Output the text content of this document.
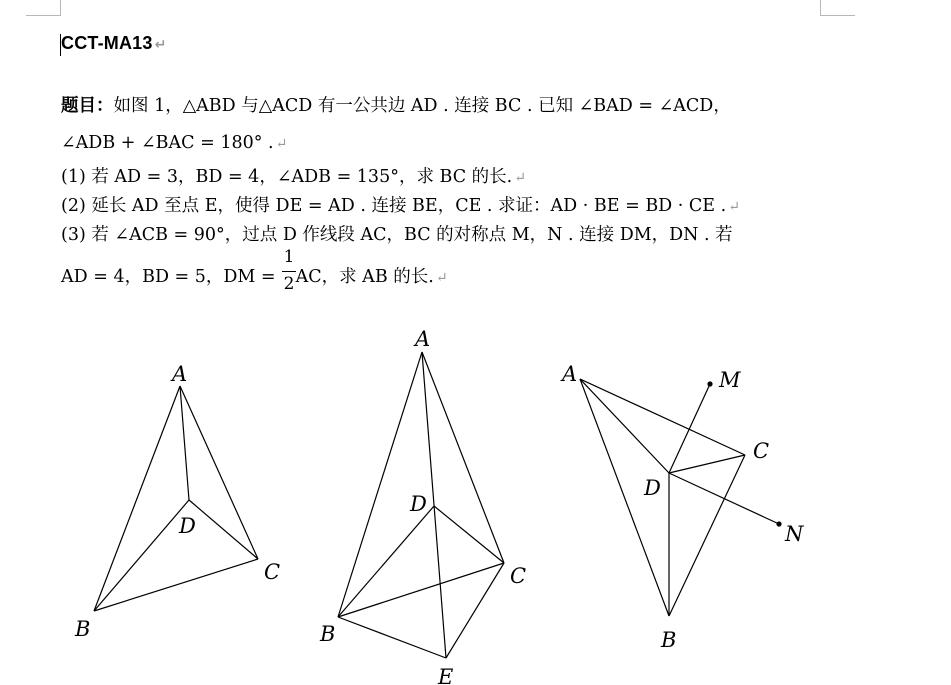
CCT-MA13 ↵
题目：如图 1，△ABD 与△ACD 有一公共边 AD . 连接 BC . 已知 ∠BAD = ∠ACD，
∠ADB + ∠BAC = 180° . ↵
(1) 若 AD = 3，BD = 4，∠ADB = 135°，求 BC 的长. ↵
(2) 延长 AD 至点 E，使得 DE = AD . 连接 BE，CE . 求证：AD · BE = BD · CE . ↵
(3) 若 ∠ACB = 90°，过点 D 作线段 AC，BC 的对称点 M，N . 连接 DM，DN . 若
AD = 4，BD = 5，DM = AC，求 AB 的长. ↵
1
2
A
B
C
D
A
B
C
D
E
A
B
C
D
M
N
